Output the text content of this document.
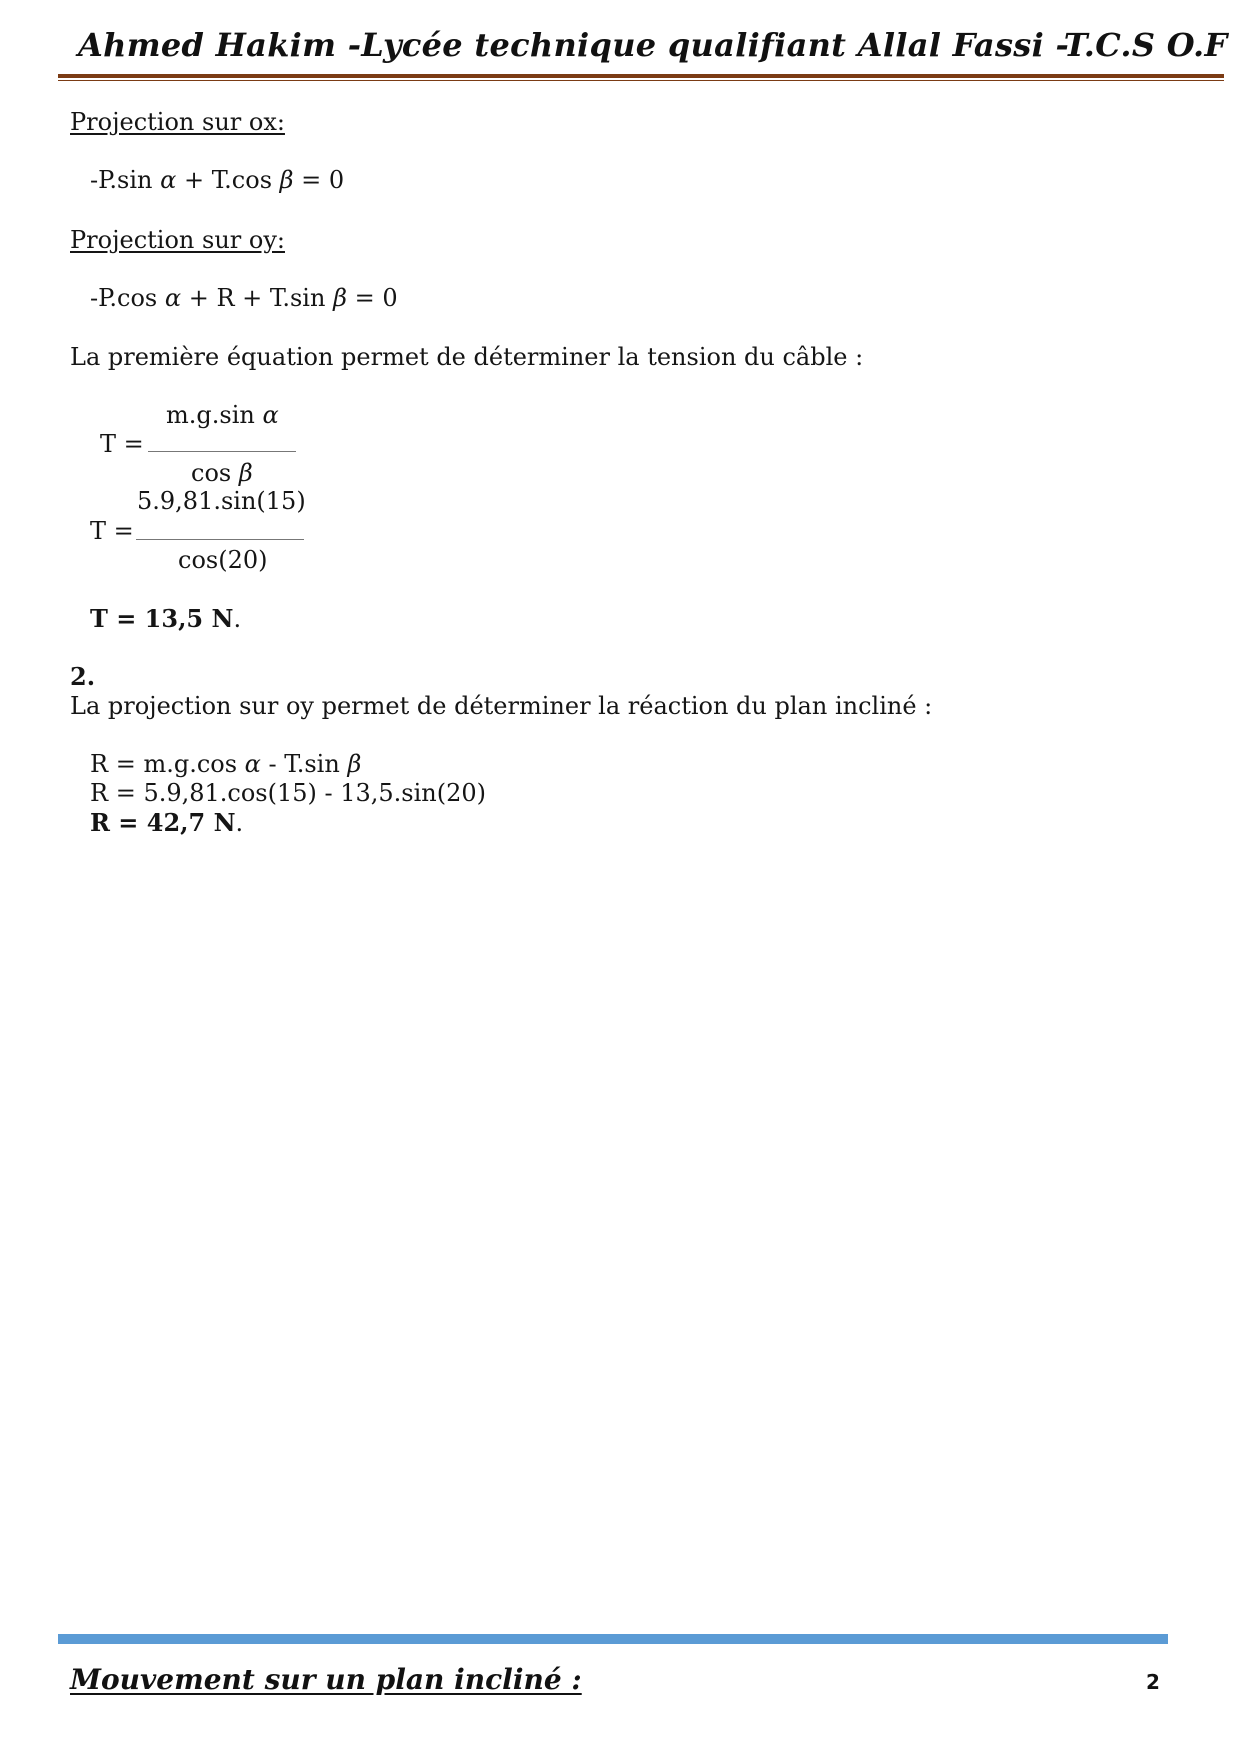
Ahmed Hakim -Lycée technique qualifiant Allal Fassi -T.C.S O.F
Projection sur ox:
-P.sin α + T.cos β = 0
Projection sur oy:
-P.cos α + R + T.sin β = 0
La première équation permet de déterminer la tension du câble :
m.g.sin α
T =
cos β
5.9,81.sin(15)
T =
cos(20)
T = 13,5 N.
2.
La projection sur oy permet de déterminer la réaction du plan incliné :
R = m.g.cos α - T.sin β
R = 5.9,81.cos(15) - 13,5.sin(20)
R = 42,7 N.
Mouvement sur un plan incliné :	2
